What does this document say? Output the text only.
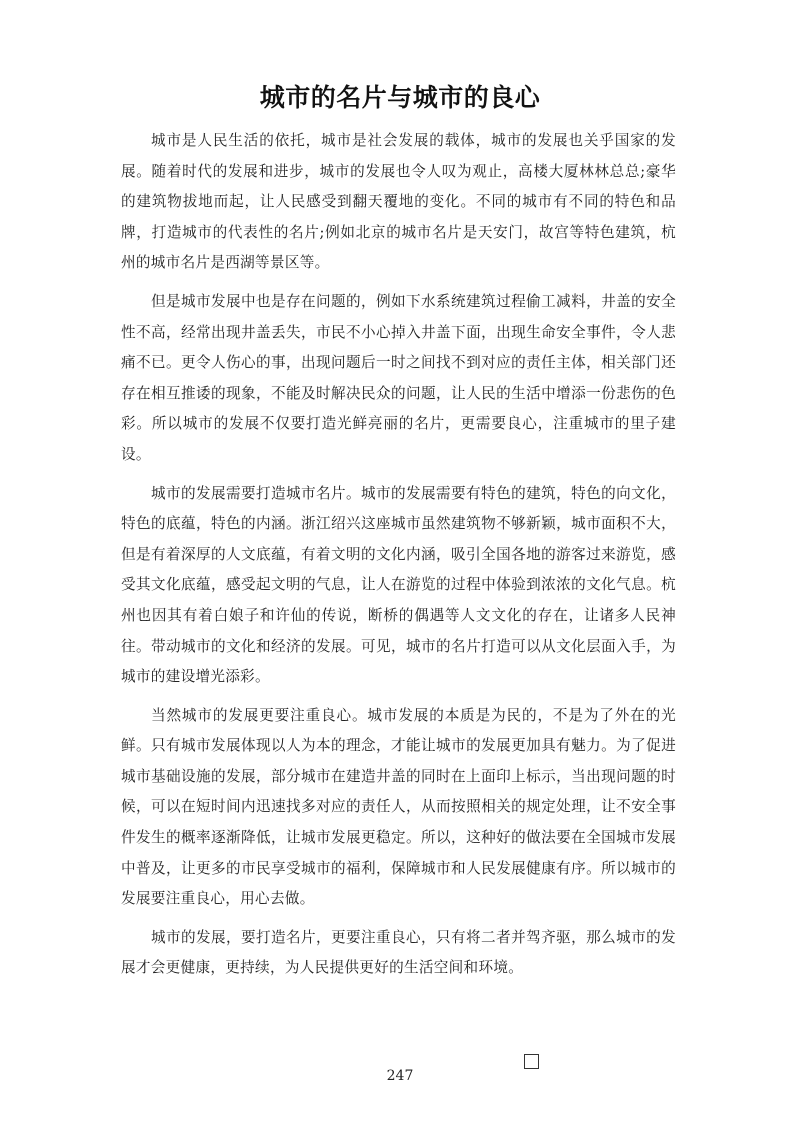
城市的名片与城市的良心

城市是人民生活的依托，城市是社会发展的载体，城市的发展也关乎国家的发展。随着时代的发展和进步，城市的发展也令人叹为观止，高楼大厦林林总总;豪华的建筑物拔地而起，让人民感受到翻天覆地的变化。不同的城市有不同的特色和品牌，打造城市的代表性的名片;例如北京的城市名片是天安门，故宫等特色建筑，杭州的城市名片是西湖等景区等。

但是城市发展中也是存在问题的，例如下水系统建筑过程偷工减料，井盖的安全性不高，经常出现井盖丢失，市民不小心掉入井盖下面，出现生命安全事件，令人悲痛不已。更令人伤心的事，出现问题后一时之间找不到对应的责任主体，相关部门还存在相互推诿的现象，不能及时解决民众的问题，让人民的生活中增添一份悲伤的色彩。所以城市的发展不仅要打造光鲜亮丽的名片，更需要良心，注重城市的里子建设。

城市的发展需要打造城市名片。城市的发展需要有特色的建筑，特色的向文化，特色的底蕴，特色的内涵。浙江绍兴这座城市虽然建筑物不够新颖，城市面积不大，但是有着深厚的人文底蕴，有着文明的文化内涵，吸引全国各地的游客过来游览，感受其文化底蕴，感受起文明的气息，让人在游览的过程中体验到浓浓的文化气息。杭州也因其有着白娘子和许仙的传说，断桥的偶遇等人文文化的存在，让诸多人民神往。带动城市的文化和经济的发展。可见，城市的名片打造可以从文化层面入手，为城市的建设增光添彩。

当然城市的发展更要注重良心。城市发展的本质是为民的，不是为了外在的光鲜。只有城市发展体现以人为本的理念，才能让城市的发展更加具有魅力。为了促进城市基础设施的发展，部分城市在建造井盖的同时在上面印上标示，当出现问题的时候，可以在短时间内迅速找多对应的责任人，从而按照相关的规定处理，让不安全事件发生的概率逐渐降低，让城市发展更稳定。所以，这种好的做法要在全国城市发展中普及，让更多的市民享受城市的福利，保障城市和人民发展健康有序。所以城市的发展要注重良心，用心去做。

城市的发展，要打造名片，更要注重良心，只有将二者并驾齐驱，那么城市的发展才会更健康，更持续，为人民提供更好的生活空间和环境。

247
